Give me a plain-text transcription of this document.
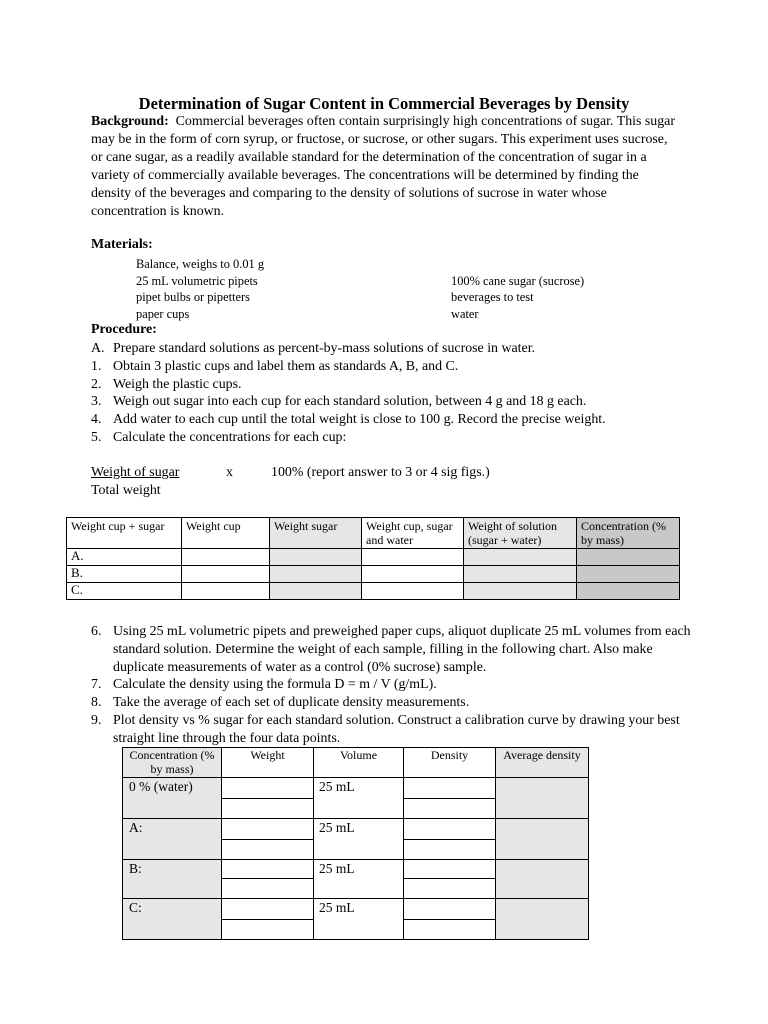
Determination of Sugar Content in Commercial Beverages by Density
Background: Commercial beverages often contain surprisingly high concentrations of sugar. This sugar may be in the form of corn syrup, or fructose, or sucrose, or other sugars. This experiment uses sucrose, or cane sugar, as a readily available standard for the determination of the concentration of sugar in a variety of commercially available beverages. The concentrations will be determined by finding the density of the beverages and comparing to the density of solutions of sucrose in water whose concentration is known.
Materials:
Balance, weighs to 0.01 g
25 mL volumetric pipets
pipet bulbs or pipetters
paper cups
100% cane sugar (sucrose)
beverages to test
water
Procedure:
A. Prepare standard solutions as percent-by-mass solutions of sucrose in water.
1. Obtain 3 plastic cups and label them as standards A, B, and C.
2. Weigh the plastic cups.
3. Weigh out sugar into each cup for each standard solution, between 4 g and 18 g each.
4. Add water to each cup until the total weight is close to 100 g. Record the precise weight.
5. Calculate the concentrations for each cup:
Weight of sugar	x	100% (report answer to 3 or 4 sig figs.)
Total weight
Weight cup + sugar	Weight cup	Weight sugar	Weight cup, sugar and water	Weight of solution (sugar + water)	Concentration (% by mass)
A.					
B.					
C.					
6. Using 25 mL volumetric pipets and preweighed paper cups, aliquot duplicate 25 mL volumes from each standard solution. Determine the weight of each sample, filling in the following chart. Also make duplicate measurements of water as a control (0% sucrose) sample.
7. Calculate the density using the formula D = m / V (g/mL).
8. Take the average of each set of duplicate density measurements.
9. Plot density vs % sugar for each standard solution. Construct a calibration curve by drawing your best straight line through the four data points.
Concentration (% by mass)	Weight	Volume	Density	Average density
0 % (water)		25 mL		

A:		25 mL		

B:		25 mL		

C:		25 mL		
